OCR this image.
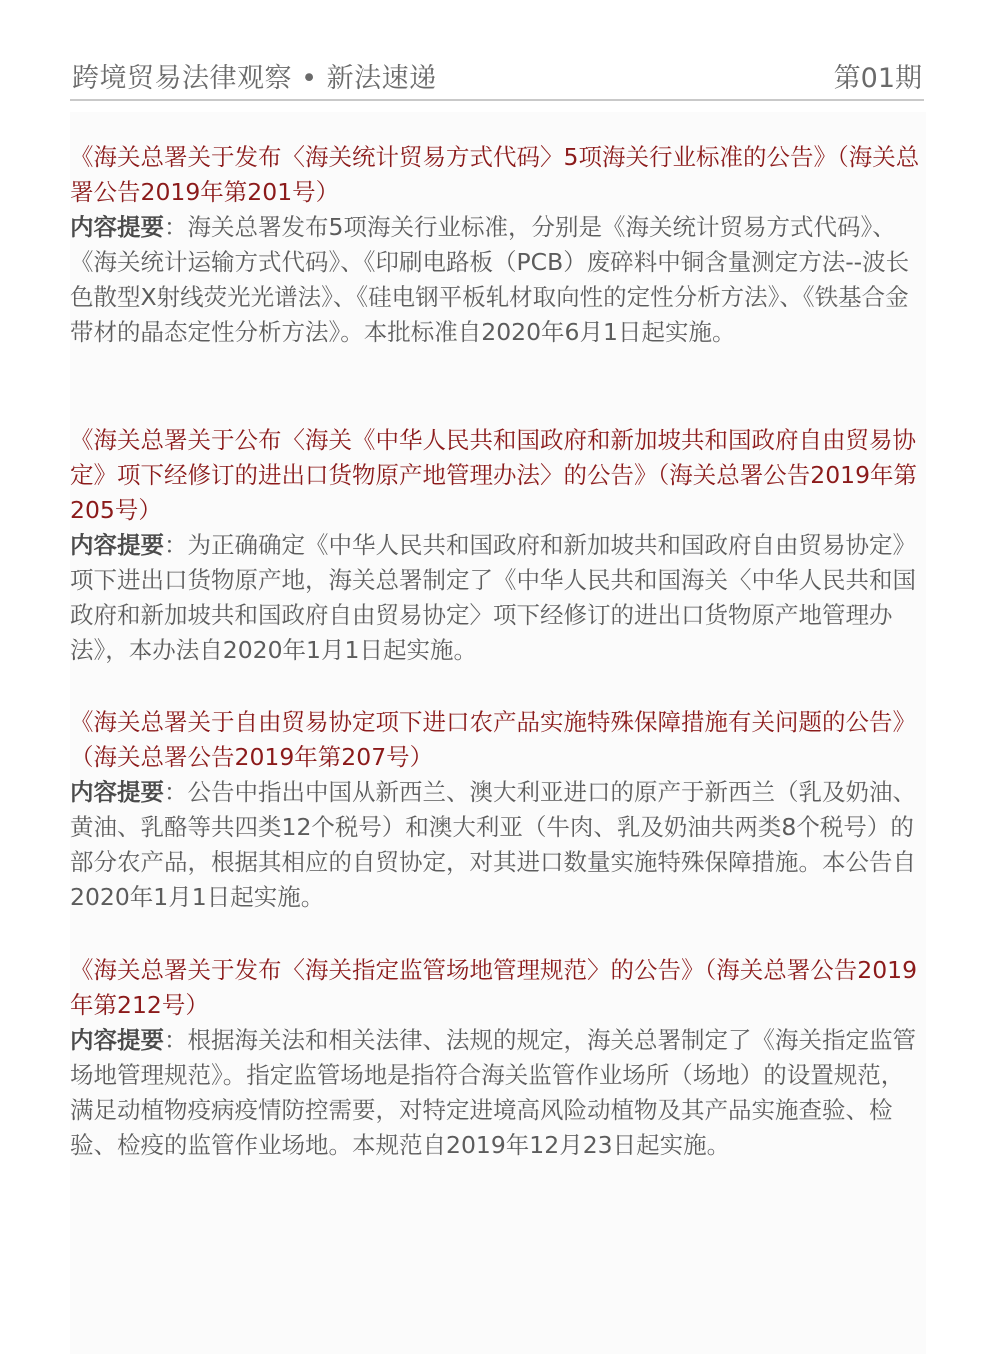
跨境贸易法律观察 • 新法速递	第01期
《海关总署关于发布〈海关统计贸易方式代码〉5项海关行业标准的公告》（海关总署公告2019年第201号）
内容提要：海关总署发布5项海关行业标准，分别是《海关统计贸易方式代码》、《海关统计运输方式代码》、《印刷电路板（PCB）废碎料中铜含量测定方法--波长色散型X射线荧光光谱法》、《硅电钢平板轧材取向性的定性分析方法》、《铁基合金带材的晶态定性分析方法》。本批标准自2020年6月1日起实施。
《海关总署关于公布〈海关《中华人民共和国政府和新加坡共和国政府自由贸易协定》项下经修订的进出口货物原产地管理办法〉的公告》（海关总署公告2019年第205号）
内容提要：为正确确定《中华人民共和国政府和新加坡共和国政府自由贸易协定》项下进出口货物原产地，海关总署制定了《中华人民共和国海关〈中华人民共和国政府和新加坡共和国政府自由贸易协定〉项下经修订的进出口货物原产地管理办法》，本办法自2020年1月1日起实施。
《海关总署关于自由贸易协定项下进口农产品实施特殊保障措施有关问题的公告》（海关总署公告2019年第207号）
内容提要：公告中指出中国从新西兰、澳大利亚进口的原产于新西兰（乳及奶油、黄油、乳酪等共四类12个税号）和澳大利亚（牛肉、乳及奶油共两类8个税号）的部分农产品，根据其相应的自贸协定，对其进口数量实施特殊保障措施。本公告自2020年1月1日起实施。
《海关总署关于发布〈海关指定监管场地管理规范〉的公告》（海关总署公告2019年第212号）
内容提要：根据海关法和相关法律、法规的规定，海关总署制定了《海关指定监管场地管理规范》。指定监管场地是指符合海关监管作业场所（场地）的设置规范，满足动植物疫病疫情防控需要，对特定进境高风险动植物及其产品实施查验、检验、检疫的监管作业场地。本规范自2019年12月23日起实施。
